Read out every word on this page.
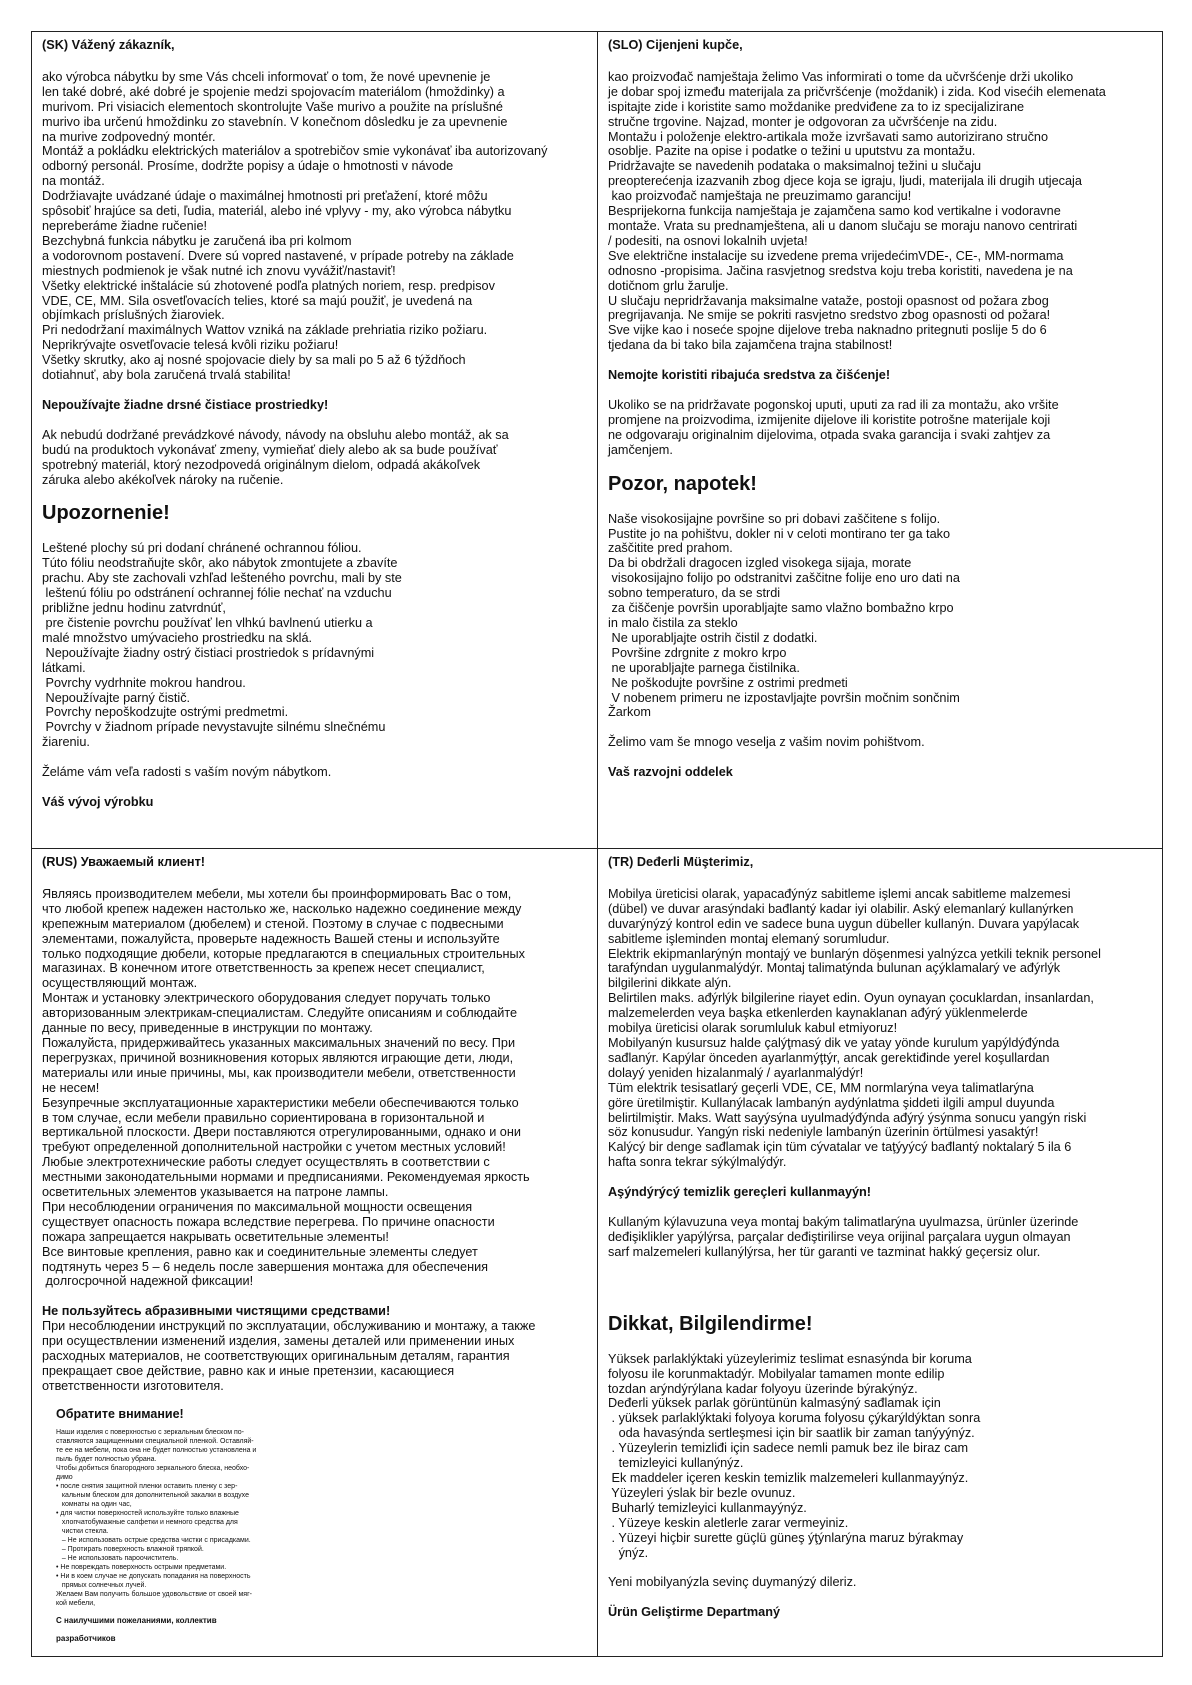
(SK) Vážený zákazník,

ako výrobca nábytku by sme Vás chceli informovať o tom, že nové upevnenie je

len také dobré, aké dobré je spojenie medzi spojovacím materiálom (hmoždinky) a

murivom. Pri visiacich elementoch skontrolujte Vaše murivo a použite na príslušné

murivo iba určenú hmoždinku zo stavebnín. V konečnom dôsledku je za upevnenie

na murive zodpovedný montér.

Montáž a pokládku elektrických materiálov a spotrebičov smie vykonávať iba autorizovaný

odborný personál. Prosíme, dodržte popisy a údaje o hmotnosti v návode

na montáž.

Dodržiavajte uvádzané údaje o maximálnej hmotnosti pri preťažení, ktoré môžu

spôsobiť hrajúce sa deti, ľudia, materiál, alebo iné vplyvy - my, ako výrobca nábytku

nepreberáme žiadne ručenie!

Bezchybná funkcia nábytku je zaručená iba pri kolmom

a vodorovnom postavení. Dvere sú vopred nastavené, v prípade potreby na základe

miestnych podmienok je však nutné ich znovu vyvážiť/nastaviť!

Všetky elektrické inštalácie sú zhotovené podľa platných noriem, resp. predpisov

VDE, CE, MM. Sila osvetľovacích telies, ktoré sa majú použiť, je uvedená na

objímkach príslušných žiaroviek.

Pri nedodržaní maximálnych Wattov vzniká na základe prehriatia riziko požiaru.

Neprikrývajte osvetľovacie telesá kvôli riziku požiaru!

Všetky skrutky, ako aj nosné spojovacie diely by sa mali po 5 až 6 týždňoch

dotiahnuť, aby bola zaručená trvalá stabilita!

Nepoužívajte žiadne drsné čistiace prostriedky!

Ak nebudú dodržané prevádzkové návody, návody na obsluhu alebo montáž, ak sa

budú na produktoch vykonávať zmeny, vymieňať diely alebo ak sa bude používať

spotrebný materiál, ktorý nezodpovedá originálnym dielom, odpadá akákoľvek

záruka alebo akékoľvek nároky na ručenie.

Upozornenie!

Leštené plochy sú pri dodaní chránené ochrannou fóliou.

Túto fóliu neodstraňujte skôr, ako nábytok zmontujete a zbavíte

prachu. Aby ste zachovali vzhľad lešteného povrchu, mali by ste

leštenú fóliu po odstránení ochrannej fólie nechať na vzduchu

približne jednu hodinu zatvrdnúť,

pre čistenie povrchu používať len vlhkú bavlnenú utierku a

malé množstvo umývacieho prostriedku na sklá.

Nepoužívajte žiadny ostrý čistiaci prostriedok s prídavnými

látkami.

Povrchy vydrhnite mokrou handrou.

Nepoužívajte parný čistič.

Povrchy nepoškodzujte ostrými predmetmi.

Povrchy v žiadnom prípade nevystavujte silnému slnečnému

žiareniu.

Želáme vám veľa radosti s vaším novým nábytkom.

Váš vývoj výrobku

(SLO) Cijenjeni kupče,

kao proizvođač namještaja želimo Vas informirati o tome da učvršćenje drži ukoliko

je dobar spoj između materijala za pričvršćenje (moždanik) i zida. Kod visećih elemenata

ispitajte zide i koristite samo moždanike predviđene za to iz specijalizirane

stručne trgovine. Najzad, monter je odgovoran za učvršćenje na zidu.

Montažu i položenje elektro-artikala može izvršavati samo autorizirano stručno

osoblje. Pazite na opise i podatke o težini u uputstvu za montažu.

Pridržavajte se navedenih podataka o maksimalnoj težini u slučaju

preopterećenja izazvanih zbog djece koja se igraju, ljudi, materijala ili drugih utjecaja

kao proizvođač namještaja ne preuzimamo garanciju!

Besprijekorna funkcija namještaja je zajamčena samo kod vertikalne i vodoravne

montaže. Vrata su prednamještena, ali u danom slučaju se moraju nanovo centrirati

/ podesiti, na osnovi lokalnih uvjeta!

Sve električne instalacije su izvedene prema vrijedećimVDE-, CE-, MM-normama

odnosno -propisima. Jačina rasvjetnog sredstva koju treba koristiti, navedena je na

dotičnom grlu žarulje.

U slučaju nepridržavanja maksimalne vataže, postoji opasnost od požara zbog

pregrijavanja. Ne smije se pokriti rasvjetno sredstvo zbog opasnosti od požara!

Sve vijke kao i noseće spojne dijelove treba naknadno pritegnuti poslije 5 do 6

tjedana da bi tako bila zajamčena trajna stabilnost!

Nemojte koristiti ribajuća sredstva za čišćenje!

Ukoliko se na pridržavate pogonskoj uputi, uputi za rad ili za montažu, ako vršite

promjene na proizvodima, izmijenite dijelove ili koristite potrošne materijale koji

ne odgovaraju originalnim dijelovima, otpada svaka garancija i svaki zahtjev za

jamčenjem.

Pozor, napotek!

Naše visokosijajne površine so pri dobavi zaščitene s folijo.

Pustite jo na pohištvu, dokler ni v celoti montirano ter ga tako

zaščitite pred prahom.

Da bi obdržali dragocen izgled visokega sijaja, morate

visokosijajno folijo po odstranitvi zaščitne folije eno uro dati na

sobno temperaturo, da se strdi

za čiščenje površin uporabljajte samo vlažno bombažno krpo

in malo čistila za steklo

Ne uporabljajte ostrih čistil z dodatki.

Površine zdrgnite z mokro krpo

ne uporabljajte parnega čistilnika.

Ne poškodujte površine z ostrimi predmeti

V nobenem primeru ne izpostavljajte površin močnim sončnim

Žarkom

Želimo vam še mnogo veselja z vašim novim pohištvom.

Vaš razvojni oddelek

(RUS) Уважаемый клиент!

Являясь производителем мебели, мы хотели бы проинформировать Вас о том,

что любой крепеж надежен настолько же, насколько надежно соединение между

крепежным материалом (дюбелем) и стеной. Поэтому в случае с подвесными

элементами, пожалуйста, проверьте надежность Вашей стены и используйте

только подходящие дюбели, которые предлагаются в специальных строительных

магазинах. В конечном итоге ответственность за крепеж несет специалист,

осуществляющий монтаж.

Монтаж и установку электрического оборудования следует поручать только

авторизованным электрикам-специалистам. Следуйте описаниям и соблюдайте

данные по весу, приведенные в инструкции по монтажу.

Пожалуйста, придерживайтесь указанных максимальных значений по весу. При

перегрузках, причиной возникновения которых являются играющие дети, люди,

материалы или иные причины, мы, как производители мебели, ответственности

не несем!

Безупречные эксплуатационные характеристики мебели обеспечиваются только

в том случае, если мебели правильно сориентирована в горизонтальной и

вертикальной плоскости. Двери поставляются отрегулированными, однако и они

требуют определенной дополнительной настройки с учетом местных условий!

Любые электротехнические работы следует осуществлять в соответствии с

местными законодательными нормами и предписаниями. Рекомендуемая яркость

осветительных элементов указывается на патроне лампы.

При несоблюдении ограничения по максимальной мощности освещения

существует опасность пожара вследствие перегрева. По причине опасности

пожара запрещается накрывать осветительные элементы!

Все винтовые крепления, равно как и соединительные элементы следует

подтянуть через 5 – 6 недель после завершения монтажа для обеспечения

долгосрочной надежной фиксации!

Не пользуйтесь абразивными чистящими средствами!

При несоблюдении инструкций по эксплуатации, обслуживанию и монтажу, а также

при осуществлении изменений изделия, замены деталей или применении иных

расходных материалов, не соответствующих оригинальным деталям, гарантия

прекращает свое действие, равно как и иные претензии, касающиеся

ответственности изготовителя.

Обратите внимание!

Наши изделия с поверхностью с зеркальным блеском по-

ставляются защищенными специальной пленкой. Оставляй-

те ее на мебели, пока она не будет полностью установлена и

пыль будет полностью убрана.

Чтобы добиться благородного зеркального блеска, необхо-

димо

• после снятия защитной пленки оставить пленку с зер-

кальным блеском для дополнительной закалки в воздухе

комнаты на один час,

• для чистки поверхностей используйте только влажные

хлопчатобумажные салфетки и немного средства для

чистки стекла.

– Не использовать острые средства чистки с присадками.

– Протирать поверхность влажной тряпкой.

– Не использовать пароочиститель.

• Не повреждать поверхность острыми предметами.

• Ни в коем случае не допускать попадания на поверхность

прямых солнечных лучей.

Желаем Вам получить большое удовольствие от своей мяг-

кой мебели,

С наилучшими пожеланиями, коллектив

разработчиков

(TR) Deđerli Müşterimiz,

Mobilya üreticisi olarak, yapacađýnýz sabitleme işlemi ancak sabitleme malzemesi

(dübel) ve duvar arasýndaki bađlantý kadar iyi olabilir. Aský elemanlarý kullanýrken

duvarýnýzý kontrol edin ve sadece buna uygun dübeller kullanýn. Duvara yapýlacak

sabitleme işleminden montaj elemaný sorumludur.

Elektrik ekipmanlarýnýn montajý ve bunlarýn döşenmesi yalnýzca yetkili teknik personel

tarafýndan uygulanmalýdýr. Montaj talimatýnda bulunan açýklamalarý ve ađýrlýk

bilgilerini dikkate alýn.

Belirtilen maks. ađýrlýk bilgilerine riayet edin. Oyun oynayan çocuklardan, insanlardan,

malzemelerden veya başka etkenlerden kaynaklanan ađýrý yüklenmelerde

mobilya üreticisi olarak sorumluluk kabul etmiyoruz!

Mobilyanýn kusursuz halde çalýţmasý dik ve yatay yönde kurulum yapýldýđýnda

sađlanýr. Kapýlar önceden ayarlanmýţtýr, ancak gerektiđinde yerel koşullardan

dolayý yeniden hizalanmalý / ayarlanmalýdýr!

Tüm elektrik tesisatlarý geçerli VDE, CE, MM normlarýna veya talimatlarýna

göre üretilmiştir. Kullanýlacak lambanýn aydýnlatma şiddeti ilgili ampul duyunda

belirtilmiştir. Maks. Watt sayýsýna uyulmadýđýnda ađýrý ýsýnma sonucu yangýn riski

söz konusudur. Yangýn riski nedeniyle lambanýn üzerinin örtülmesi yasaktýr!

Kalýcý bir denge sađlamak için tüm cývatalar ve taţýyýcý bađlantý noktalarý 5 ila 6

hafta sonra tekrar sýkýlmalýdýr.

Aşýndýrýcý temizlik gereçleri kullanmayýn!

Kullaným kýlavuzuna veya montaj bakým talimatlarýna uyulmazsa, ürünler üzerinde

deđişiklikler yapýlýrsa, parçalar deđiştirilirse veya orijinal parçalara uygun olmayan

sarf malzemeleri kullanýlýrsa, her tür garanti ve tazminat hakký geçersiz olur.

Dikkat, Bilgilendirme!

Yüksek parlaklýktaki yüzeylerimiz teslimat esnasýnda bir koruma

folyosu ile korunmaktadýr. Mobilyalar tamamen monte edilip

tozdan arýndýrýlana kadar folyoyu üzerinde býrakýnýz.

Deđerli yüksek parlak görüntünün kalmasýný sađlamak için

. yüksek parlaklýktaki folyoya koruma folyosu çýkarýldýktan sonra

oda havasýnda sertleşmesi için bir saatlik bir zaman tanýyýnýz.

. Yüzeylerin temizliđi için sadece nemli pamuk bez ile biraz cam

temizleyici kullanýnýz.

Ek maddeler içeren keskin temizlik malzemeleri kullanmayýnýz.

Yüzeyleri ýslak bir bezle ovunuz.

Buharlý temizleyici kullanmayýnýz.

. Yüzeye keskin aletlerle zarar vermeyiniz.

. Yüzeyi hiçbir surette güçlü güneş ýţýnlarýna maruz býrakmay

ýnýz.

Yeni mobilyanýzla sevinç duymanýzý dileriz.

Ürün Geliştirme Departmaný
